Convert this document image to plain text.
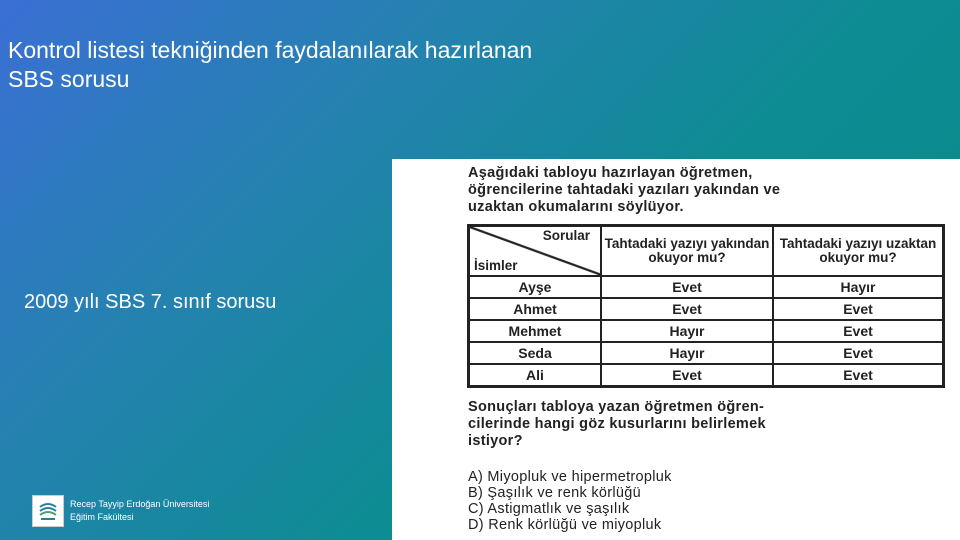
Kontrol listesi tekniğinden faydalanılarak hazırlanan
SBS sorusu
2009 yılı SBS 7. sınıf sorusu
Recep Tayyip Erdoğan Üniversitesi
Eğitim Fakültesi
Aşağıdaki tabloyu hazırlayan öğretmen,
öğrencilerine tahtadaki yazıları yakından ve
uzaktan okumalarını söylüyor.
Sorular
İsimler	Tahtadaki yazıyı yakından okuyor mu?	Tahtadaki yazıyı uzaktan okuyor mu?
Ayşe	Evet	Hayır
Ahmet	Evet	Evet
Mehmet	Hayır	Evet
Seda	Hayır	Evet
Ali	Evet	Evet
Sonuçları tabloya yazan öğretmen öğren-
cilerinde hangi göz kusurlarını belirlemek
istiyor?
A) Miyopluk ve hipermetropluk
B) Şaşılık ve renk körlüğü
C) Astigmatlık ve şaşılık
D) Renk körlüğü ve miyopluk
